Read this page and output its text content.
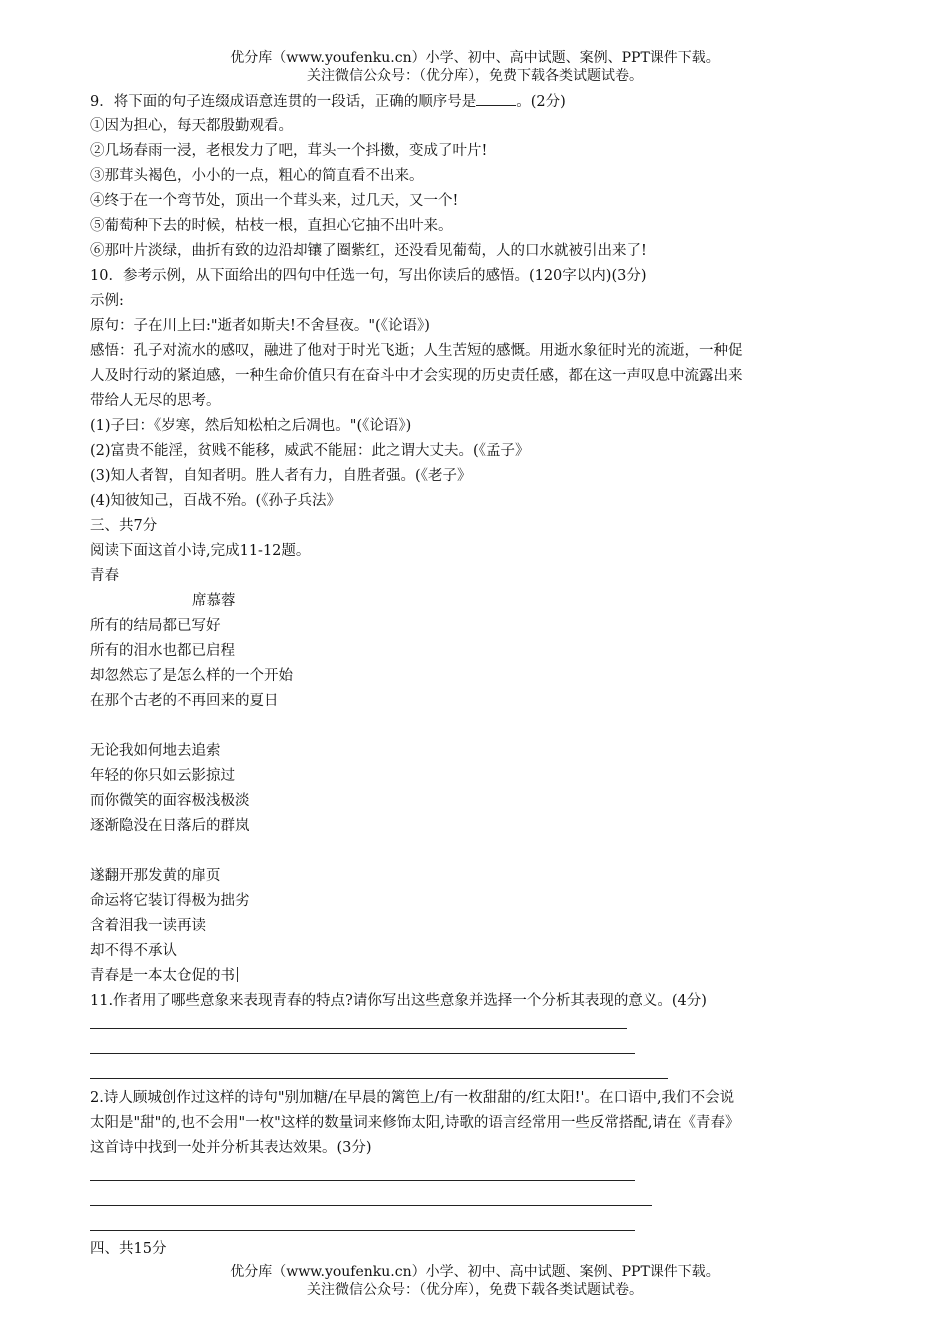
优分库（www.youfenku.cn）小学、初中、高中试题、案例、PPT课件下载。
关注微信公众号：（优分库），免费下载各类试题试卷。
9．将下面的句子连缀成语意连贯的一段话，正确的顺序号是	。(2分)
①因为担心，每天都殷勤观看。
②几场春雨一浸，老根发力了吧，茸头一个抖擞，变成了叶片!
③那茸头褐色，小小的一点，粗心的简直看不出来。
④终于在一个弯节处，顶出一个茸头来，过几天，又一个!
⑤葡萄种下去的时候，枯枝一根，直担心它抽不出叶来。
⑥那叶片淡绿，曲折有致的边沿却镶了圈紫红，还没看见葡萄，人的口水就被引出来了!
10．参考示例，从下面给出的四句中任选一句，写出你读后的感悟。(120字以内)(3分)
示例:
原句：子在川上曰:"逝者如斯夫!不舍昼夜。"(《论语》)
感悟：孔子对流水的感叹，融进了他对于时光飞逝；人生苦短的感慨。用逝水象征时光的流逝，一种促
人及时行动的紧迫感，一种生命价值只有在奋斗中才会实现的历史责任感，都在这一声叹息中流露出来
带给人无尽的思考。
(1)子曰：《岁寒，然后知松柏之后凋也。"(《论语》)
(2)富贵不能淫，贫贱不能移，威武不能屈：此之谓大丈夫。(《孟子》
(3)知人者智，自知者明。胜人者有力，自胜者强。(《老子》
(4)知彼知己，百战不殆。(《孙子兵法》
三、共7分
阅读下面这首小诗,完成11-12题。
青春
席慕蓉
所有的结局都已写好
所有的泪水也都已启程
却忽然忘了是怎么样的一个开始
在那个古老的不再回来的夏日
无论我如何地去追索
年轻的你只如云影掠过
而你微笑的面容极浅极淡
逐渐隐没在日落后的群岚
遂翻开那发黄的扉页
命运将它装订得极为拙劣
含着泪我一读再读
却不得不承认
青春是一本太仓促的书
11.作者用了哪些意象来表现青春的特点?请你写出这些意象并选择一个分析其表现的意义。(4分)
2.诗人顾城创作过这样的诗句"别加糖/在早晨的篱笆上/有一枚甜甜的/红太阳!'。在口语中,我们不会说
太阳是"甜"的,也不会用"一枚"这样的数量词来修饰太阳,诗歌的语言经常用一些反常搭配,请在《青春》
这首诗中找到一处并分析其表达效果。(3分)
四、共15分
优分库（www.youfenku.cn）小学、初中、高中试题、案例、PPT课件下载。
关注微信公众号：（优分库），免费下载各类试题试卷。
